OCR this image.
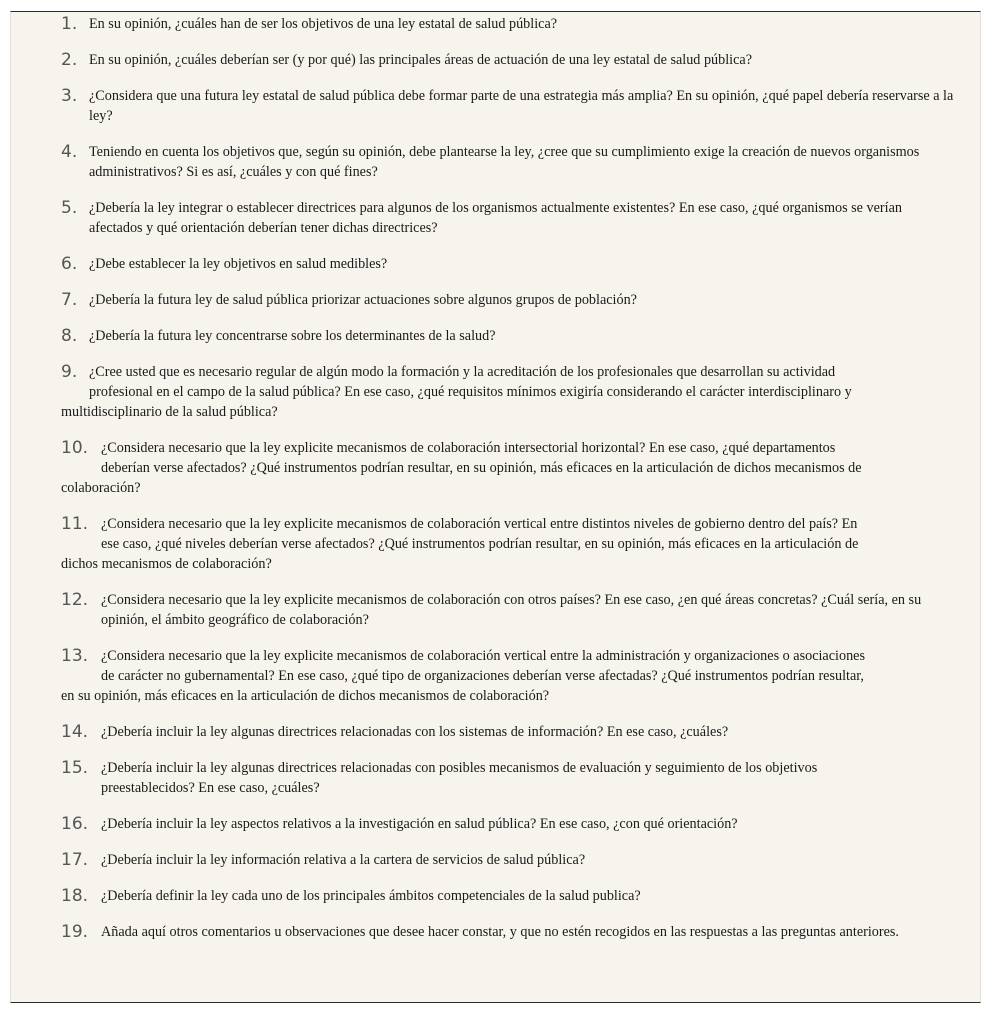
1. En su opinión, ¿cuáles han de ser los objetivos de una ley estatal de salud pública?
2. En su opinión, ¿cuáles deberían ser (y por qué) las principales áreas de actuación de una ley estatal de salud pública?
3. ¿Considera que una futura ley estatal de salud pública debe formar parte de una estrategia más amplia? En su opinión, ¿qué papel debería reservarse a la ley?
4. Teniendo en cuenta los objetivos que, según su opinión, debe plantearse la ley, ¿cree que su cumplimiento exige la creación de nuevos organismos administrativos? Si es así, ¿cuáles y con qué fines?
5. ¿Debería la ley integrar o establecer directrices para algunos de los organismos actualmente existentes? En ese caso, ¿qué organismos se verían afectados y qué orientación deberían tener dichas directrices?
6. ¿Debe establecer la ley objetivos en salud medibles?
7. ¿Debería la futura ley de salud pública priorizar actuaciones sobre algunos grupos de población?
8. ¿Debería la futura ley concentrarse sobre los determinantes de la salud?
9. ¿Cree usted que es necesario regular de algún modo la formación y la acreditación de los profesionales que desarrollan su actividad
profesional en el campo de la salud pública? En ese caso, ¿qué requisitos mínimos exigiría considerando el carácter interdisciplinaro y
multidisciplinario de la salud pública?
10. ¿Considera necesario que la ley explicite mecanismos de colaboración intersectorial horizontal? En ese caso, ¿qué departamentos
deberían verse afectados? ¿Qué instrumentos podrían resultar, en su opinión, más eficaces en la articulación de dichos mecanismos de
colaboración?
11. ¿Considera necesario que la ley explicite mecanismos de colaboración vertical entre distintos niveles de gobierno dentro del país? En
ese caso, ¿qué niveles deberían verse afectados? ¿Qué instrumentos podrían resultar, en su opinión, más eficaces en la articulación de
dichos mecanismos de colaboración?
12. ¿Considera necesario que la ley explicite mecanismos de colaboración con otros países? En ese caso, ¿en qué áreas concretas? ¿Cuál sería, en su opinión, el ámbito geográfico de colaboración?
13. ¿Considera necesario que la ley explicite mecanismos de colaboración vertical entre la administración y organizaciones o asociaciones
de carácter no gubernamental? En ese caso, ¿qué tipo de organizaciones deberían verse afectadas? ¿Qué instrumentos podrían resultar,
en su opinión, más eficaces en la articulación de dichos mecanismos de colaboración?
14. ¿Debería incluir la ley algunas directrices relacionadas con los sistemas de información? En ese caso, ¿cuáles?
15. ¿Debería incluir la ley algunas directrices relacionadas con posibles mecanismos de evaluación y seguimiento de los objetivos preestablecidos? En ese caso, ¿cuáles?
16. ¿Debería incluir la ley aspectos relativos a la investigación en salud pública? En ese caso, ¿con qué orientación?
17. ¿Debería incluir la ley información relativa a la cartera de servicios de salud pública?
18. ¿Debería definir la ley cada uno de los principales ámbitos competenciales de la salud publica?
19. Añada aquí otros comentarios u observaciones que desee hacer constar, y que no estén recogidos en las respuestas a las preguntas anteriores.
